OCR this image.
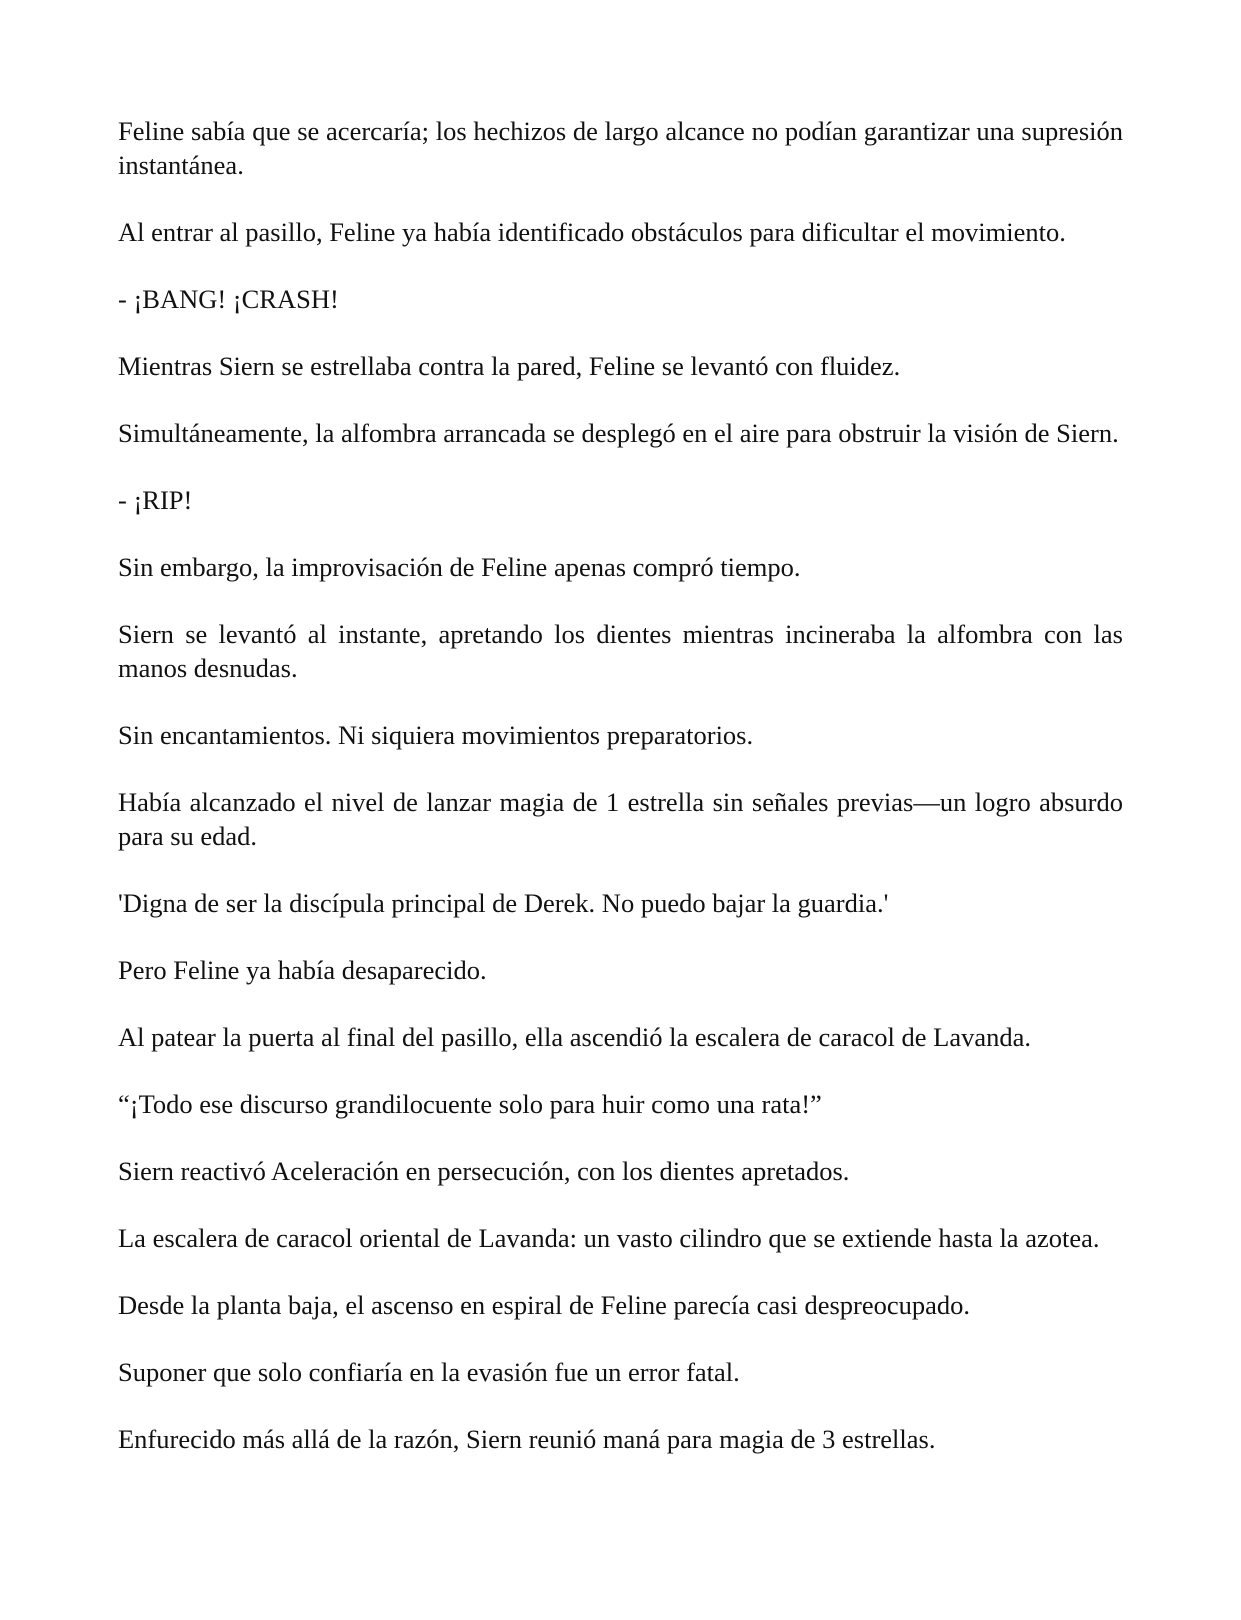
Feline sabía que se acercaría; los hechizos de largo alcance no podían garantizar una supresión instantánea.

Al entrar al pasillo, Feline ya había identificado obstáculos para dificultar el movimiento.

- ¡BANG! ¡CRASH!

Mientras Siern se estrellaba contra la pared, Feline se levantó con fluidez.

Simultáneamente, la alfombra arrancada se desplegó en el aire para obstruir la visión de Siern.

- ¡RIP!

Sin embargo, la improvisación de Feline apenas compró tiempo.

Siern se levantó al instante, apretando los dientes mientras incineraba la alfombra con las manos desnudas.

Sin encantamientos. Ni siquiera movimientos preparatorios.

Había alcanzado el nivel de lanzar magia de 1 estrella sin señales previas—un logro absurdo para su edad.

'Digna de ser la discípula principal de Derek. No puedo bajar la guardia.'

Pero Feline ya había desaparecido.

Al patear la puerta al final del pasillo, ella ascendió la escalera de caracol de Lavanda.

“¡Todo ese discurso grandilocuente solo para huir como una rata!”

Siern reactivó Aceleración en persecución, con los dientes apretados.

La escalera de caracol oriental de Lavanda: un vasto cilindro que se extiende hasta la azotea.

Desde la planta baja, el ascenso en espiral de Feline parecía casi despreocupado.

Suponer que solo confiaría en la evasión fue un error fatal.

Enfurecido más allá de la razón, Siern reunió maná para magia de 3 estrellas.
